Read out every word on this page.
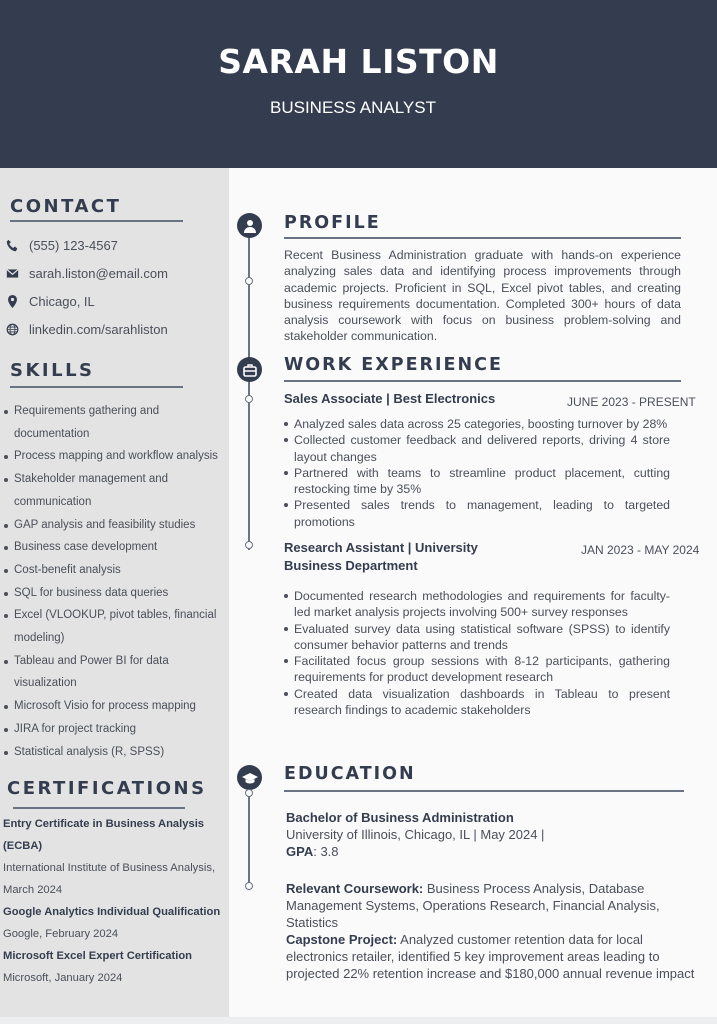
SARAH LISTON
BUSINESS ANALYST
CONTACT
(555) 123-4567
sarah.liston@email.com
Chicago, IL
linkedin.com/sarahliston
SKILLS
Requirements gathering and documentation
Process mapping and workflow analysis
Stakeholder management and communication
GAP analysis and feasibility studies
Business case development
Cost-benefit analysis
SQL for business data queries
Excel (VLOOKUP, pivot tables, financial modeling)
Tableau and Power BI for data visualization
Microsoft Visio for process mapping
JIRA for project tracking
Statistical analysis (R, SPSS)
CERTIFICATIONS
Entry Certificate in Business Analysis (ECBA)
International Institute of Business Analysis, March 2024
Google Analytics Individual Qualification
Google, February 2024
Microsoft Excel Expert Certification
Microsoft, January 2024
PROFILE
Recent Business Administration graduate with hands-on experience analyzing sales data and identifying process improvements through academic projects. Proficient in SQL, Excel pivot tables, and creating business requirements documentation. Completed 300+ hours of data analysis coursework with focus on business problem-solving and stakeholder communication.
WORK EXPERIENCE
Sales Associate | Best Electronics	JUNE 2023 - PRESENT
Analyzed sales data across 25 categories, boosting turnover by 28%
Collected customer feedback and delivered reports, driving 4 store layout changes
Partnered with teams to streamline product placement, cutting restocking time by 35%
Presented sales trends to management, leading to targeted promotions
Research Assistant | University Business Department
JAN 2023 - MAY 2024
Documented research methodologies and requirements for faculty-led market analysis projects involving 500+ survey responses
Evaluated survey data using statistical software (SPSS) to identify consumer behavior patterns and trends
Facilitated focus group sessions with 8-12 participants, gathering requirements for product development research
Created data visualization dashboards in Tableau to present research findings to academic stakeholders
EDUCATION
Bachelor of Business Administration
University of Illinois, Chicago, IL | May 2024 |
GPA: 3.8
Relevant Coursework: Business Process Analysis, Database Management Systems, Operations Research, Financial Analysis, Statistics
Capstone Project: Analyzed customer retention data for local electronics retailer, identified 5 key improvement areas leading to projected 22% retention increase and $180,000 annual revenue impact
